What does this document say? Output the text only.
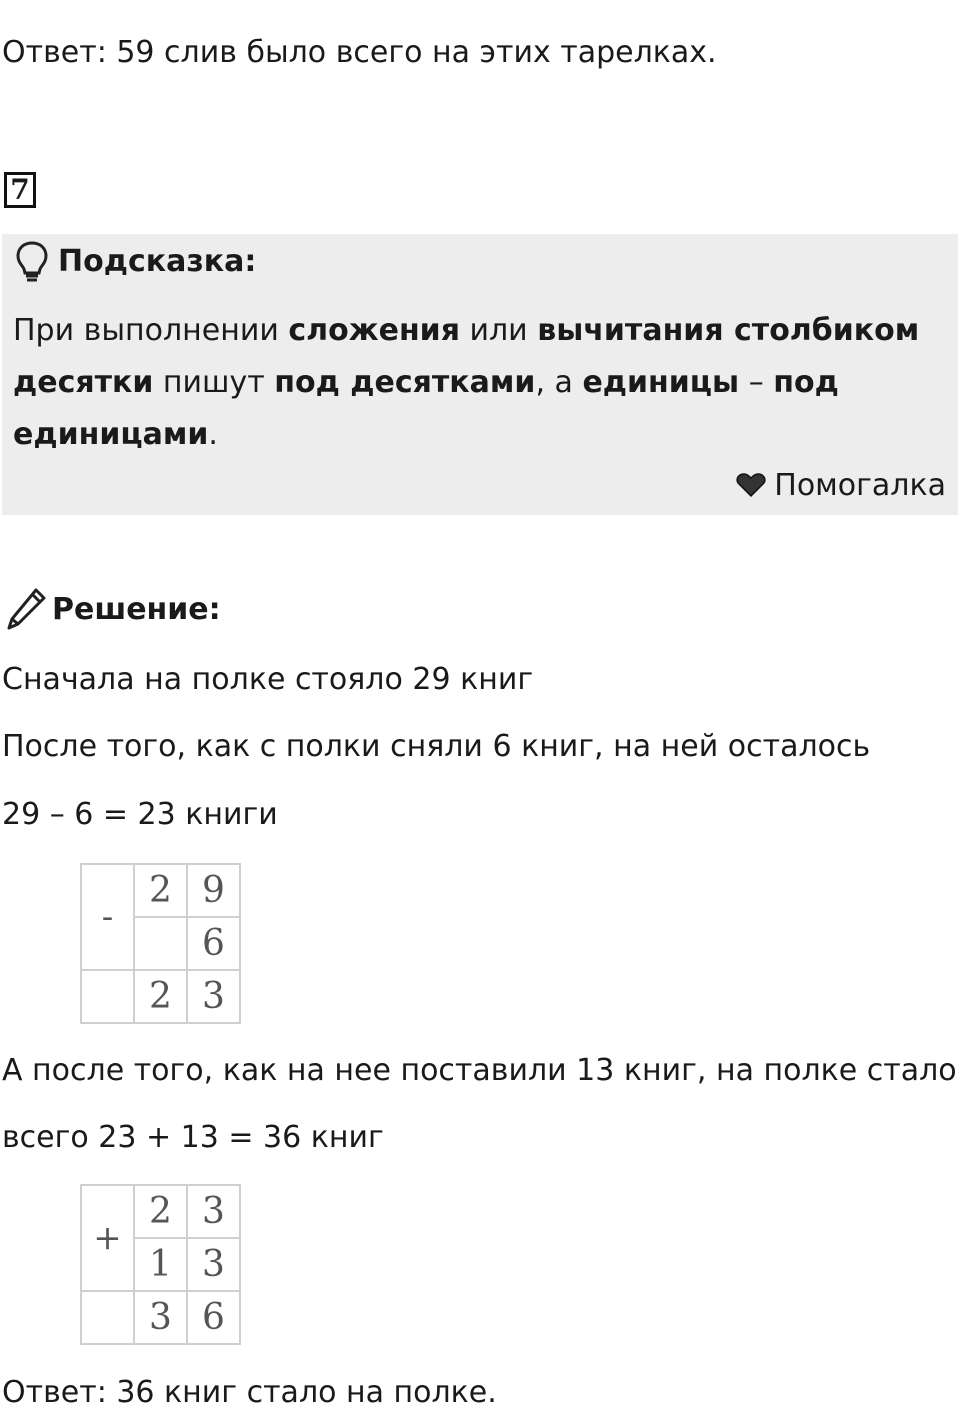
Ответ: 59 слив было всего на этих тарелках.
7
Подсказка:
При выполнении сложения или вычитания столбиком десятки пишут под десятками, а единицы – под единицами.
Помогалка
Решение:
Сначала на полке стояло 29 книг
После того, как с полки сняли 6 книг, на ней осталось
29 – 6 = 23 книги
-	2	9
		6
	2	3
А после того, как на нее поставили 13 книг, на полке стало
всего 23 + 13 = 36 книг
+	2	3
	1	3
	3	6
Ответ: 36 книг стало на полке.
